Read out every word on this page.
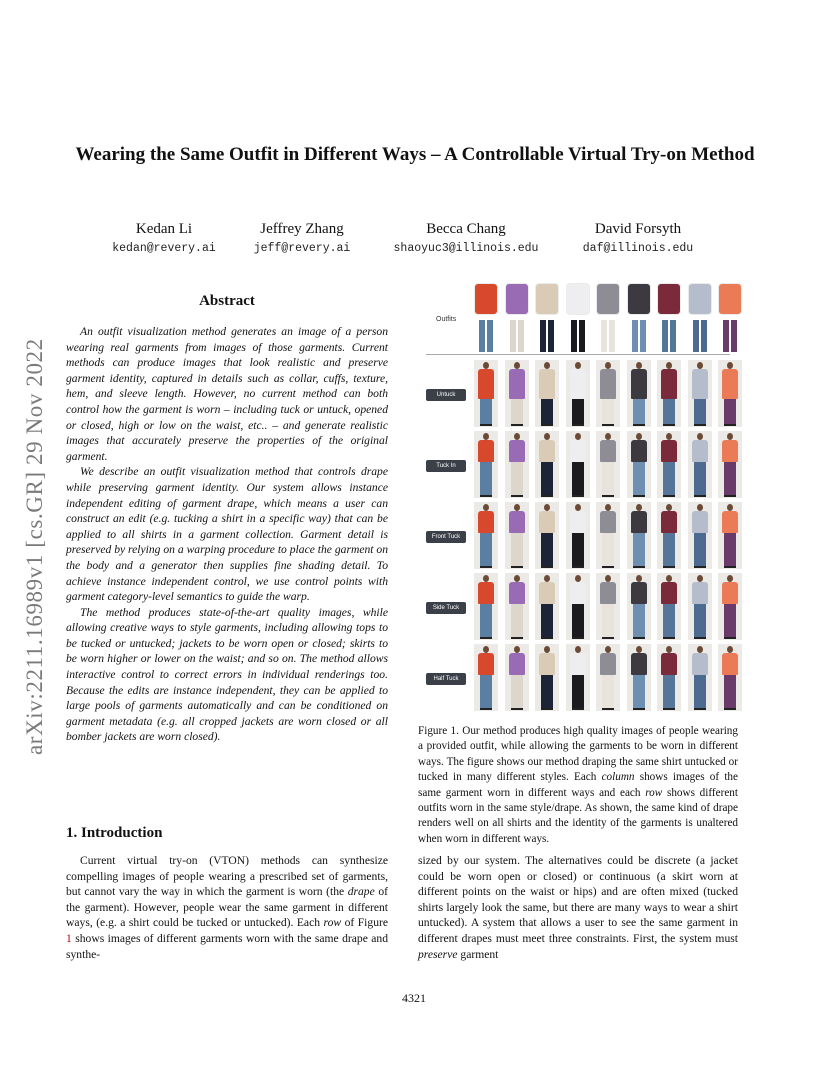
arXiv:2211.16989v1 [cs.GR] 29 Nov 2022
Wearing the Same Outfit in Different Ways – A Controllable Virtual Try-on Method
Kedan Li
kedan@revery.ai
Jeffrey Zhang
jeff@revery.ai
Becca Chang
shaoyuc3@illinois.edu
David Forsyth
daf@illinois.edu
Abstract

An outfit visualization method generates an image of a person wearing real garments from images of those garments. Current methods can produce images that look realistic and preserve garment identity, captured in details such as collar, cuffs, texture, hem, and sleeve length. However, no current method can both control how the garment is worn – including tuck or untuck, opened or closed, high or low on the waist, etc.. – and generate realistic images that accurately preserve the properties of the original garment.

We describe an outfit visualization method that controls drape while preserving garment identity. Our system allows instance independent editing of garment drape, which means a user can construct an edit (e.g. tucking a shirt in a specific way) that can be applied to all shirts in a garment collection. Garment detail is preserved by relying on a warping procedure to place the garment on the body and a generator then supplies fine shading detail. To achieve instance independent control, we use control points with garment category-level semantics to guide the warp.

The method produces state-of-the-art quality images, while allowing creative ways to style garments, including allowing tops to be tucked or untucked; jackets to be worn open or closed; skirts to be worn higher or lower on the waist; and so on. The method allows interactive control to correct errors in individual renderings too. Because the edits are instance independent, they can be applied to large pools of garments automatically and can be conditioned on garment metadata (e.g. all cropped jackets are worn closed or all bomber jackets are worn closed).

1. Introduction

Current virtual try-on (VTON) methods can synthesize compelling images of people wearing a prescribed set of garments, but cannot vary the way in which the garment is worn (the drape of the garment). However, people wear the same garment in different ways, (e.g. a shirt could be tucked or untucked). Each row of Figure 1 shows images of different garments worn with the same drape and synthe-

sized by our system. The alternatives could be discrete (a jacket could be worn open or closed) or continuous (a skirt worn at different points on the waist or hips) and are often mixed (tucked shirts largely look the same, but there are many ways to wear a shirt untucked). A system that allows a user to see the same garment in different drapes must meet three constraints. First, the system must preserve garment

Outfits
Untuck
Tuck In
Front Tuck
Side Tuck
Half Tuck
Figure 1. Our method produces high quality images of people wearing a provided outfit, while allowing the garments to be worn in different ways. The figure shows our method draping the same shirt untucked or tucked in many different styles. Each column shows images of the same garment worn in different ways and each row shows different outfits worn in the same style/drape. As shown, the same kind of drape renders well on all shirts and the identity of the garments is unaltered when worn in different ways.
4321
